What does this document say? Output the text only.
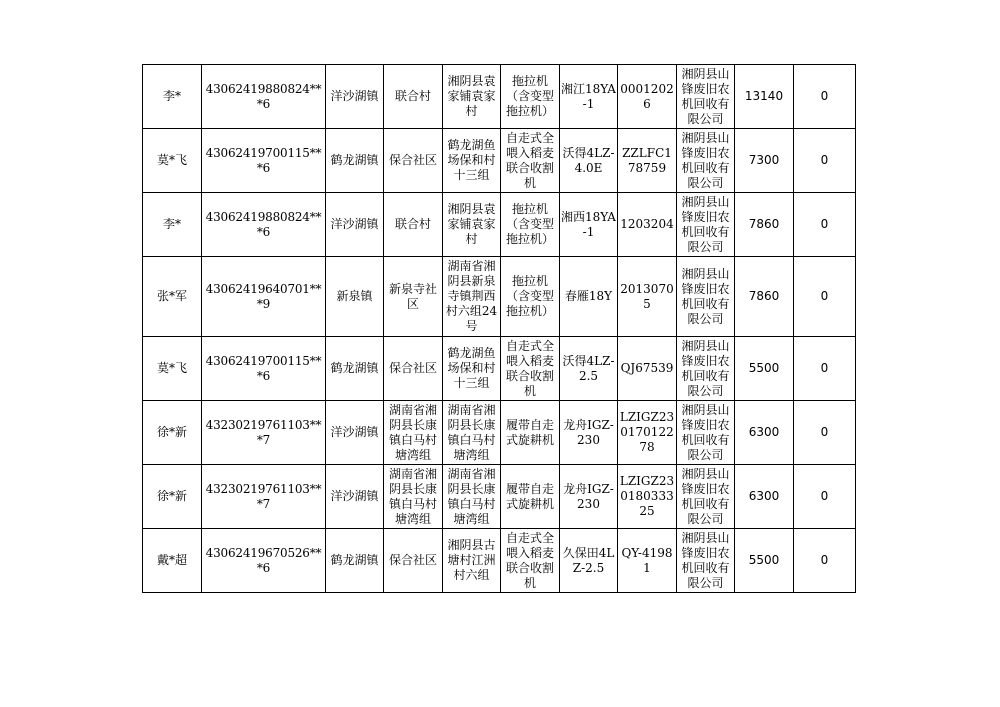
李*	43062419880824***6	洋沙湖镇	联合村	湘阴县袁家铺袁家村	拖拉机（含变型拖拉机）	湘江18YA-1	00012026	湘阴县山锋废旧农机回收有限公司	13140	0
莫*飞	43062419700115***6	鹤龙湖镇	保合社区	鹤龙湖鱼场保和村十三组	自走式全喂入稻麦联合收割机	沃得4LZ-4.0E	ZZLFC178759	湘阴县山锋废旧农机回收有限公司	7300	0
李*	43062419880824***6	洋沙湖镇	联合村	湘阴县袁家铺袁家村	拖拉机（含变型拖拉机）	湘西18YA-1	1203204	湘阴县山锋废旧农机回收有限公司	7860	0
张*军	43062419640701***9	新泉镇	新泉寺社区	湖南省湘阴县新泉寺镇荆西村六组24号	拖拉机（含变型拖拉机）	春雁18Y	20130705	湘阴县山锋废旧农机回收有限公司	7860	0
莫*飞	43062419700115***6	鹤龙湖镇	保合社区	鹤龙湖鱼场保和村十三组	自走式全喂入稻麦联合收割机	沃得4LZ-2.5	QJ67539	湘阴县山锋废旧农机回收有限公司	5500	0
徐*新	43230219761103***7	洋沙湖镇	湖南省湘阴县长康镇白马村塘湾组	湖南省湘阴县长康镇白马村塘湾组	履带自走式旋耕机	龙舟IGZ-230	LZIGZ23017012278	湘阴县山锋废旧农机回收有限公司	6300	0
徐*新	43230219761103***7	洋沙湖镇	湖南省湘阴县长康镇白马村塘湾组	湖南省湘阴县长康镇白马村塘湾组	履带自走式旋耕机	龙舟IGZ-230	LZIGZ23018033325	湘阴县山锋废旧农机回收有限公司	6300	0
戴*超	43062419670526***6	鹤龙湖镇	保合社区	湘阴县古塘村江洲村六组	自走式全喂入稻麦联合收割机	久保田4LZ-2.5	QY-41981	湘阴县山锋废旧农机回收有限公司	5500	0
